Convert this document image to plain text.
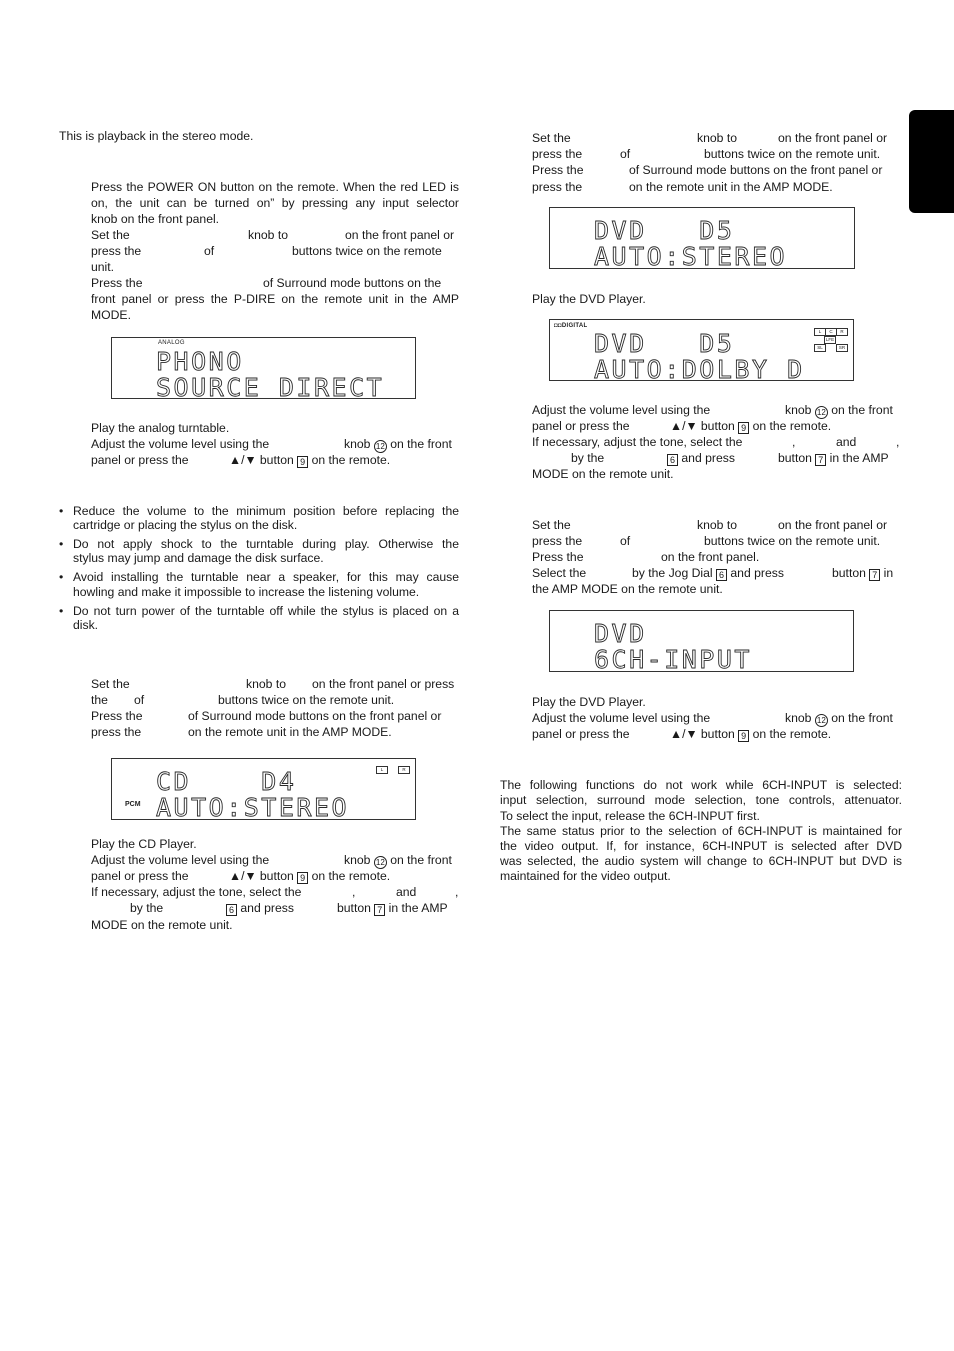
This is playback in the stereo mode.
Press the POWER ON button on the remote. When the red LED is
on, the unit can be turned on” by pressing any input selector
knob on the front panel.
Set the	knob to	on the front panel or
press the	of	buttons twice on the remote
unit.
Press the	of Surround mode buttons on the
front panel or press the P-DIRE on the remote unit in the AMP
MODE.
ANALOG
PHONO
SOURCE DIRECT
Play the analog turntable.
Adjust the volume level using the	knob 12 on the front
panel or press the	▲/▼ button 9 on the remote.
• Reduce the volume to the minimum position before replacing the
cartridge or placing the stylus on the disk.
• Do not apply shock to the turntable during play. Otherwise the
stylus may jump and damage the disk surface.
• Avoid installing the turntable near a speaker, for this may cause
howling and make it impossible to increase the listening volume.
• Do not turn power of the turntable off while the stylus is placed on a
disk.
Set the	knob to on the front panel or press
the of	buttons twice on the remote unit.
Press the	of Surround mode buttons on the front panel or
press the	on the remote unit in the AMP MODE.
L	R
PCM
CD    D4
AUTO:STEREO
Play the CD Player.
Adjust the volume level using the	knob 12 on the front
panel or press the	▲/▼ button 9 on the remote.
If necessary, adjust the tone, select the	,	and	,
by the	6 and press	button 7 in the AMP
MODE on the remote unit.
Set the	knob to	on the front panel or
press the	of	buttons twice on the remote unit.
Press the	of Surround mode buttons on the front panel or
press the	on the remote unit in the AMP MODE.
DVD   D5
AUTO:STEREO
Play the DVD Player.
◘◘DIGITAL
L	C	R
LFE
SL	SR
DVD   D5
AUTO:DOLBY D
Adjust the volume level using the	knob 12 on the front
panel or press the	▲/▼ button 9 on the remote.
If necessary, adjust the tone, select the	,	and	,
by the	6 and press	button 7 in the AMP
MODE on the remote unit.
Set the	knob to	on the front panel or
press the	of	buttons twice on the remote unit.
Press the	on the front panel.
Select the	by the Jog Dial 6 and press	button 7 in
the AMP MODE on the remote unit.
DVD
6CH-INPUT
Play the DVD Player.
Adjust the volume level using the	knob 12 on the front
panel or press the	▲/▼ button 9 on the remote.
The following functions do not work while 6CH-INPUT is selected:
input selection, surround mode selection, tone controls, attenuator.
To select the input, release the 6CH-INPUT first.
The same status prior to the selection of 6CH-INPUT is maintained for
the video output. If, for instance, 6CH-INPUT is selected after DVD
was selected, the audio system will change to 6CH-INPUT but DVD is
maintained for the video output.
